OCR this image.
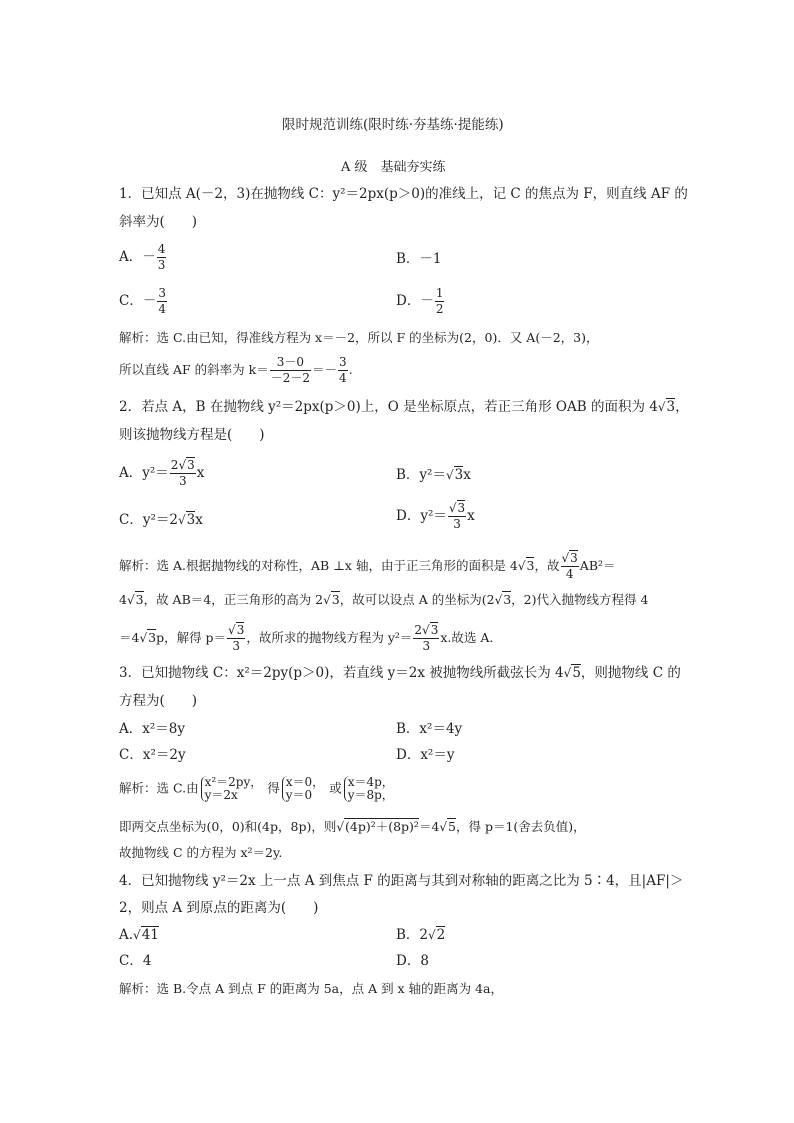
限时规范训练(限时练·夯基练·提能练)
A 级　基础夯实练
1．已知点 A(－2，3)在抛物线 C：y²＝2px(p＞0)的准线上，记 C 的焦点为 F，则直线 AF 的
斜率为(　　)
A．－ $\frac{4}{3}$	B．－1
C．－ $\frac{3}{4}$	D．－ $\frac{1}{2}$
解析：选 C.由已知，得准线方程为 x＝－2，所以 F 的坐标为(2，0)．又 A(－2，3)，
所以直线 AF 的斜率为 $k= \frac{3-0}{-2-2} =- \frac{3}{4}$ .
2．若点 A，B 在抛物线 y²＝2px(p＞0)上，O 是坐标原点，若正三角形 OAB 的面积为 4√3，
则该抛物线方程是(　　)
A．$y^2= \frac{2√3}{3}$ x	B．y²＝√3x
C．y²＝2√3x	D．$y^2= \frac{√3}{3}$ x
解析：选 A.根据抛物线的对称性，AB ⊥x 轴，由于正三角形的面积是 4√3，故 $\frac{√3}{4} AB^2=$
4√3，故 AB＝4，正三角形的高为 2√3，故可以设点 A 的坐标为(2√3，2)代入抛物线方程得 4
＝4√3p，解得 $p= \frac{√3}{3}$ ，故所求的抛物线方程为 $y^2= \frac{2√3}{3} x$.故选 A.
3．已知抛物线 C：x²＝2py(p＞0)，若直线 y＝2x 被抛物线所截弦长为 4√5，则抛物线 C 的
方程为(　　)
A．x²＝8y	B．x²＝4y
C．x²＝2y	D．x²＝y
解析：选 C.由 x²＝2py，
y＝2x	得 x＝0，
y＝0	或 x＝4p，
y＝8p，
即两交点坐标为(0，0)和(4p，8p)，则√(4p)²＋(8p)²＝4√5，得 p＝1(舍去负值)，
故抛物线 C 的方程为 x²＝2y.
4．已知抛物线 y²＝2x 上一点 A 到焦点 F 的距离与其到对称轴的距离之比为 5∶4，且|AF|＞
2，则点 A 到原点的距离为(　　)
A.√41	B．2√2
C．4	D．8
解析：选 B.令点 A 到点 F 的距离为 5a，点 A 到 x 轴的距离为 4a，
